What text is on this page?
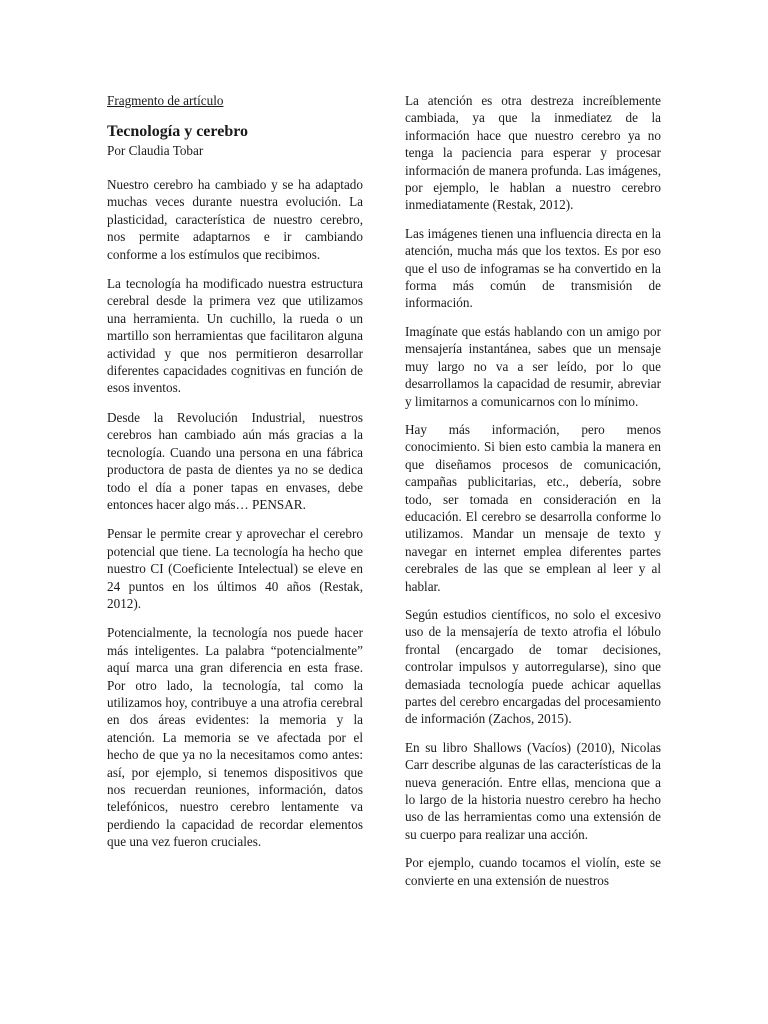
Fragmento de artículo
Tecnología y cerebro
Por Claudia Tobar

Nuestro cerebro ha cambiado y se ha adaptado muchas veces durante nuestra evolución. La plasticidad, característica de nuestro cerebro, nos permite adaptarnos e ir cambiando conforme a los estímulos que recibimos.

La tecnología ha modificado nuestra estructura cerebral desde la primera vez que utilizamos una herramienta. Un cuchillo, la rueda o un martillo son herramientas que facilitaron alguna actividad y que nos permitieron desarrollar diferentes capacidades cognitivas en función de esos inventos.

Desde la Revolución Industrial, nuestros cerebros han cambiado aún más gracias a la tecnología. Cuando una persona en una fábrica productora de pasta de dientes ya no se dedica todo el día a poner tapas en envases, debe entonces hacer algo más… PENSAR.

Pensar le permite crear y aprovechar el cerebro potencial que tiene. La tecnología ha hecho que nuestro CI (Coeficiente Intelectual) se eleve en 24 puntos en los últimos 40 años (Restak, 2012).

Potencialmente, la tecnología nos puede hacer más inteligentes. La palabra “potencialmente” aquí marca una gran diferencia en esta frase. Por otro lado, la tecnología, tal como la utilizamos hoy, contribuye a una atrofia cerebral en dos áreas evidentes: la memoria y la atención. La memoria se ve afectada por el hecho de que ya no la necesitamos como antes: así, por ejemplo, si tenemos dispositivos que nos recuerdan reuniones, información, datos telefónicos, nuestro cerebro lentamente va perdiendo la capacidad de recordar elementos que una vez fueron cruciales.

La atención es otra destreza increíblemente cambiada, ya que la inmediatez de la información hace que nuestro cerebro ya no tenga la paciencia para esperar y procesar información de manera profunda. Las imágenes, por ejemplo, le hablan a nuestro cerebro inmediatamente (Restak, 2012).

Las imágenes tienen una influencia directa en la atención, mucha más que los textos. Es por eso que el uso de infogramas se ha convertido en la forma más común de transmisión de información.

Imagínate que estás hablando con un amigo por mensajería instantánea, sabes que un mensaje muy largo no va a ser leído, por lo que desarrollamos la capacidad de resumir, abreviar y limitarnos a comunicarnos con lo mínimo.

Hay más información, pero menos conocimiento. Si bien esto cambia la manera en que diseñamos procesos de comunicación, campañas publicitarias, etc., debería, sobre todo, ser tomada en consideración en la educación. El cerebro se desarrolla conforme lo utilizamos. Mandar un mensaje de texto y navegar en internet emplea diferentes partes cerebrales de las que se emplean al leer y al hablar.

Según estudios científicos, no solo el excesivo uso de la mensajería de texto atrofia el lóbulo frontal (encargado de tomar decisiones, controlar impulsos y autorregularse), sino que demasiada tecnología puede achicar aquellas partes del cerebro encargadas del procesamiento de información (Zachos, 2015).

En su libro Shallows (Vacíos) (2010), Nicolas Carr describe algunas de las características de la nueva generación. Entre ellas, menciona que a lo largo de la historia nuestro cerebro ha hecho uso de las herramientas como una extensión de su cuerpo para realizar una acción.

Por ejemplo, cuando tocamos el violín, este se convierte en una extensión de nuestros
